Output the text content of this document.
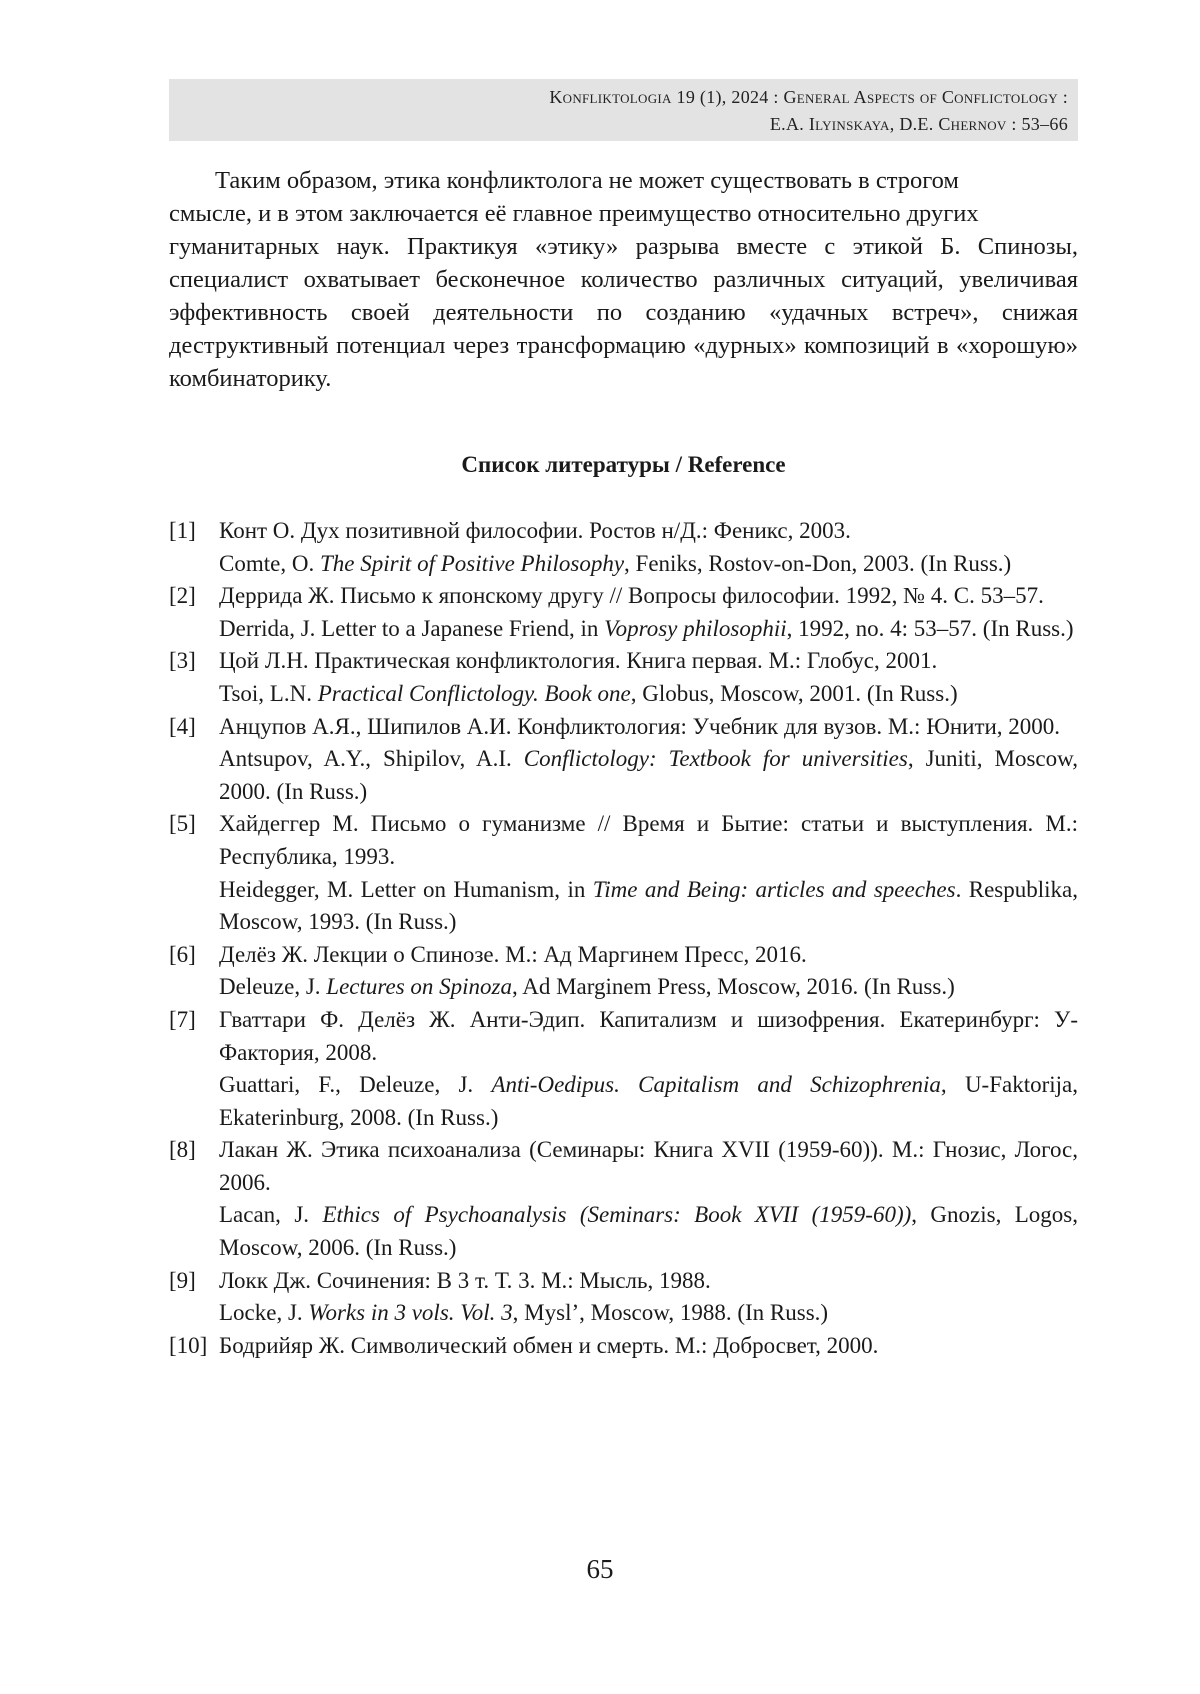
Konfliktologia 19 (1), 2024 : General Aspects of Conflictology :
E.A. Ilyinskaya, D.E. Chernov : 53–66

Таким образом, этика конфликтолога не может существовать в строгом

смысле, и в этом заключается её главное преимущество относительно других

гуманитарных наук. Практикуя «этику» разрыва вместе с этикой Б. Спинозы, специалист охватывает бесконечное количество различных ситуаций, увеличивая эффективность своей деятельности по созданию «удачных встреч», снижая деструктивный потенциал через трансформацию «дурных» композиций в «хорошую» комбинаторику.

Список литературы / Reference
[1]	Конт О. Дух позитивной философии. Ростов н/Д.: Феникс, 2003.

Comte, O. The Spirit of Positive Philosophy, Feniks, Rostov-on-Don, 2003. (In Russ.)

[2]	Деррида Ж. Письмо к японскому другу // Вопросы философии. 1992, № 4. С. 53–57.

Derrida, J. Letter to a Japanese Friend, in Voprosy philosophii, 1992, no. 4: 53–57. (In Russ.)

[3]	Цой Л.Н. Практическая конфликтология. Книга первая. М.: Глобус, 2001.

Tsoi, L.N. Practical Conflictology. Book one, Globus, Moscow, 2001. (In Russ.)

[4]	Анцупов А.Я., Шипилов А.И. Конфликтология: Учебник для вузов. М.: Юнити, 2000.

Antsupov, A.Y., Shipilov, A.I. Conflictology: Textbook for universities, Juniti, Moscow, 2000. (In Russ.)

[5]	Хайдеггер М. Письмо о гуманизме // Время и Бытие: статьи и выступления. М.: Республика, 1993.

Heidegger, M. Letter on Humanism, in Time and Being: articles and speeches. Respublika, Moscow, 1993. (In Russ.)

[6]	Делёз Ж. Лекции о Спинозе. М.: Ад Маргинем Пресс, 2016.

Deleuze, J. Lectures on Spinoza, Ad Marginem Press, Moscow, 2016. (In Russ.)

[7]	Гваттари Ф. Делёз Ж. Анти-Эдип. Капитализм и шизофрения. Екатеринбург: У-Фактория, 2008.

Guattari, F., Deleuze, J. Anti-Oedipus. Capitalism and Schizophrenia, U-Faktorija, Ekaterinburg, 2008. (In Russ.)

[8]	Лакан Ж. Этика психоанализа (Семинары: Книга XVII (1959-60)). М.: Гнозис, Логос, 2006.

Lacan, J. Ethics of Psychoanalysis (Seminars: Book XVII (1959-60)), Gnozis, Logos, Moscow, 2006. (In Russ.)

[9]	Локк Дж. Сочинения: В 3 т. Т. 3. М.: Мысль, 1988.

Locke, J. Works in 3 vols. Vol. 3, Mysl’, Moscow, 1988. (In Russ.)

[10] Бодрийяр Ж. Символический обмен и смерть. М.: Добросвет, 2000.

65
